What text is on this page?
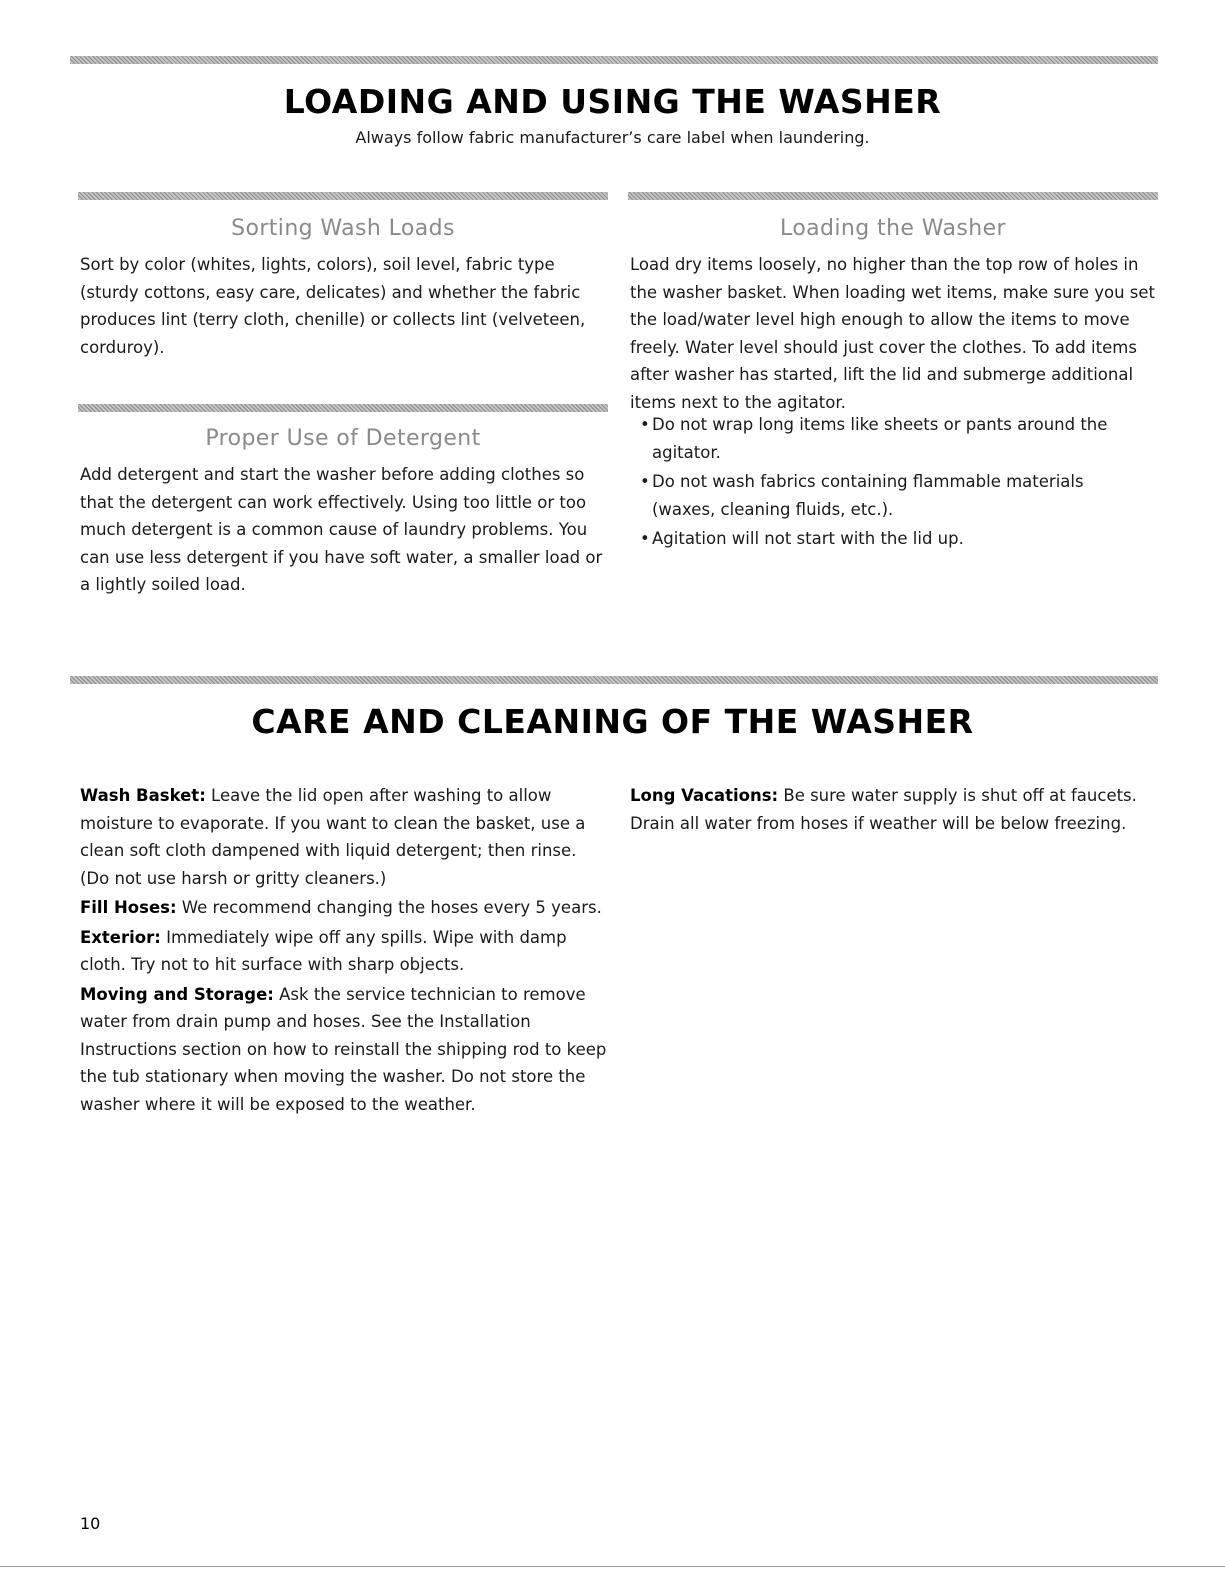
LOADING AND USING THE WASHER

Always follow fabric manufacturer’s care label when laundering.

Sorting Wash Loads

Sort by color (whites, lights, colors), soil level, fabric type (sturdy cottons, easy care, delicates) and whether the fabric produces lint (terry cloth, chenille) or collects lint (velveteen, corduroy).

Proper Use of Detergent

Add detergent and start the washer before adding clothes so that the detergent can work effectively. Using too little or too much detergent is a common cause of laundry problems. You can use less detergent if you have soft water, a smaller load or a lightly soiled load.

Loading the Washer

Load dry items loosely, no higher than the top row of holes in the washer basket. When loading wet items, make sure you set the load/water level high enough to allow the items to move freely. Water level should just cover the clothes. To add items after washer has started, lift the lid and submerge additional items next to the agitator.

• Do not wrap long items like sheets or pants around the agitator.
• Do not wash fabrics containing flammable materials (waxes, cleaning fluids, etc.).
• Agitation will not start with the lid up.
CARE AND CLEANING OF THE WASHER

Wash Basket: Leave the lid open after washing to allow moisture to evaporate. If you want to clean the basket, use a clean soft cloth dampened with liquid detergent; then rinse. (Do not use harsh or gritty cleaners.)

Fill Hoses: We recommend changing the hoses every 5 years.

Exterior: Immediately wipe off any spills. Wipe with damp cloth. Try not to hit surface with sharp objects.

Moving and Storage: Ask the service technician to remove water from drain pump and hoses. See the Installation Instructions section on how to reinstall the shipping rod to keep the tub stationary when moving the washer. Do not store the washer where it will be exposed to the weather.

Long Vacations: Be sure water supply is shut off at faucets. Drain all water from hoses if weather will be below freezing.

10
